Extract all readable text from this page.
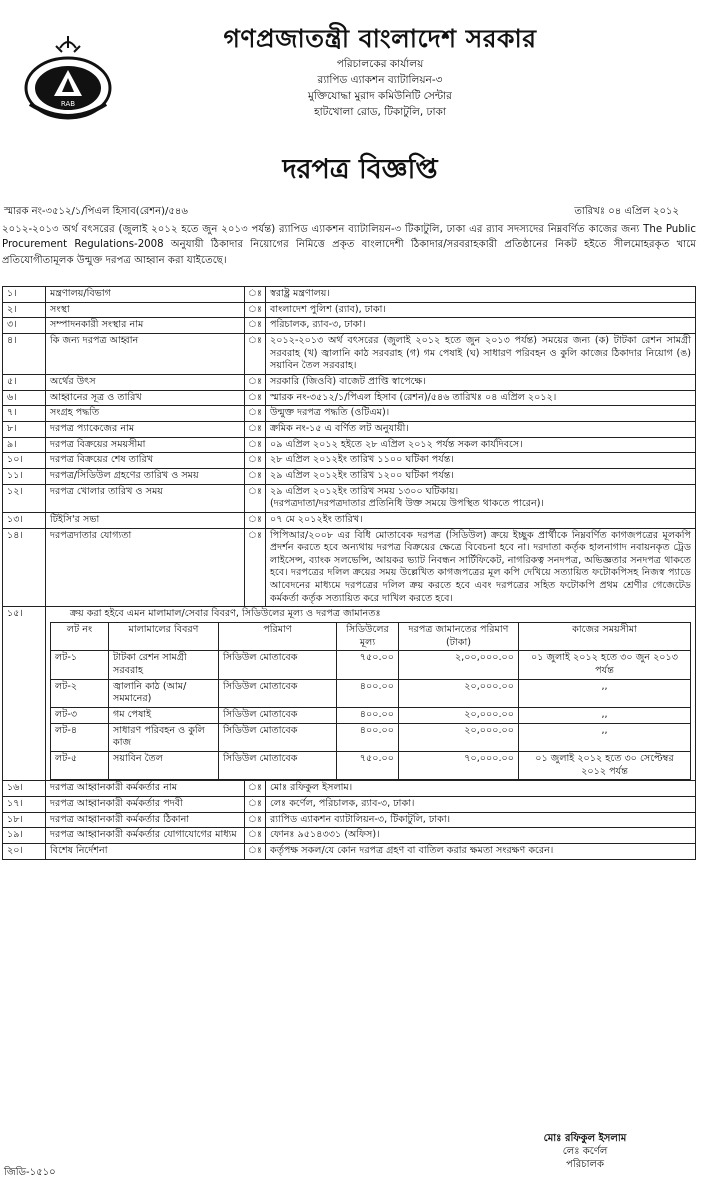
RAB
গণপ্রজাতন্ত্রী বাংলাদেশ সরকার
পরিচালকের কার্যালয়
র‌্যাপিড এ্যাকশন ব্যাটালিয়ন-৩
মুক্তিযোদ্ধা মুরাদ কমিউনিটি সেন্টার
হাটখোলা রোড, টিকাটুলি, ঢাকা
দরপত্র বিজ্ঞপ্তি
স্মারক নং-৩৫১২/১/পিএল হিসাব(রেশন)/৫৪৬	তারিখঃ ০৪ এপ্রিল ২০১২
২০১২-২০১৩ অর্থ বৎসরের (জুলাই ২০১২ হতে জুন ২০১৩ পর্যন্ত) র‌্যাপিড এ্যাকশন ব্যাটালিয়ন-৩ টিকাটুলি, ঢাকা এর র‌্যাব সদস্যদের নিম্নবর্ণিত কাজের জন্য The Public Procurement Regulations-2008 অনুযায়ী ঠিকাদার নিয়োগের নিমিত্তে প্রকৃত বাংলাদেশী ঠিকাদার/সরবরাহকারী প্রতিষ্ঠানের নিকট হইতে সীলমোহরকৃত খামে প্রতিযোগীতামূলক উন্মুক্ত দরপত্র আহ্বান করা যাইতেছে।
১।	মন্ত্রণালয়/বিভাগ	ঃ	স্বরাষ্ট্র মন্ত্রণালয়।

২।	সংস্থা	ঃ	বাংলাদেশ পুলিশ (র‌্যাব), ঢাকা।

৩।	সম্পাদনকারী সংস্থার নাম	ঃ	পরিচালক, র‌্যাব-৩, ঢাকা।

৪।	কি জন্য দরপত্র আহ্বান	ঃ	২০১২-২০১৩ অর্থ বৎসরের (জুলাই ২০১২ হতে জুন ২০১৩ পর্যন্ত) সময়ের জন্য (ক) টাটকা রেশন সামগ্রী সরবরাহ (খ) জ্বালানি কাঠ সরবরাহ (গ) গম পেষাই (ঘ) সাধারণ পরিবহন ও কুলি কাজের ঠিকাদার নিয়োগ (ঙ) সয়াবিন তৈল সরবরাহ।

৫।	অর্থের উৎস	ঃ	সরকারি (জিওবি) বাজেট প্রাপ্তি স্বাপেক্ষে।

৬।	আহ্বানের সূত্র ও তারিখ	ঃ	স্মারক নং-৩৫১২/১/পিএল হিসাব (রেশন)/৫৪৬ তারিখঃ ০৪ এপ্রিল ২০১২।

৭।	সংগ্রহ পদ্ধতি	ঃ	উন্মুক্ত দরপত্র পদ্ধতি (ওটিএম)।

৮।	দরপত্র প্যাকেজের নাম	ঃ	ক্রমিক নং-১৫ এ বর্ণিত লট অনুযায়ী।

৯।	দরপত্র বিক্রয়ের সময়সীমা	ঃ	০৯ এপ্রিল ২০১২ হইতে ২৮ এপ্রিল ২০১২ পর্যন্ত সকল কার্যদিবসে।

১০।	দরপত্র বিক্রয়ের শেষ তারিখ	ঃ	২৮ এপ্রিল ২০১২ইং তারিখ ১১০০ ঘটিকা পর্যন্ত।

১১।	দরপত্র/সিডিউল গ্রহণের তারিখ ও সময়	ঃ	২৯ এপ্রিল ২০১২ইং তারিখ ১২০০ ঘটিকা পর্যন্ত।

১২।	দরপত্র খোলার তারিখ ও সময়	ঃ	২৯ এপ্রিল ২০১২ইং তারিখ সময় ১৩০০ ঘটিকায়।
(দরপত্রদাতা/দরপত্রদাতার প্রতিনিধি উক্ত সময়ে উপস্থিত থাকতে পারেন)।

১৩।	টিইসি'র সভা	ঃ	০৭ মে ২০১২ইং তারিখ।

১৪।	দরপত্রদাতার যোগ্যতা	ঃ	পিপিআর/২০০৮ এর বিধি মোতাবেক দরপত্র (সিডিউল) ক্রয়ে ইচ্ছুক প্রার্থীকে নিম্নবর্ণিত কাগজপত্রের মূলকপি প্রদর্শন করতে হবে অন্যথায় দরপত্র বিক্রয়ের ক্ষেত্রে বিবেচনা হবে না। দরদাতা কর্তৃক হালনাগাদ নবায়নকৃত ট্রেড লাইসেন্স, ব্যাংক সলভেন্সি, আয়কর ভ্যাট নিবন্ধন সার্টিফিকেট, নাগরিকত্ব সনদপত্র, অভিজ্ঞতার সনদপত্র থাকতে হবে। দরপত্রের দলিল ক্রয়ের সময় উল্লেখিত কাগজপত্রের মূল কপি দেখিয়ে সত্যায়িত ফটোকপিসহ নিজস্ব প্যাডে আবেদনের মাধ্যমে দরপত্রের দলিল ক্রয় করতে হবে এবং দরপত্রের সহিত ফটোকপি প্রথম শ্রেণীর গেজেটেড কর্মকর্তা কর্তৃক সত্যায়িত করে দাখিল করতে হবে।

১৫।	ক্রয় করা হইবে এমন মালামাল/সেবার বিবরণ, সিডিউলের মূল্য ও দরপত্র জামানতঃ
লট নং	মালামালের বিবরণ	পরিমাণ	সিডিউলের মূল্য	দরপত্র জামানতের পরিমাণ (টাকা)	কাজের সময়সীমা
লট-১	টাটকা রেশন সামগ্রী সরবরাহ	সিডিউল মোতাবেক	৭৫০.০০	২,০০,০০০.০০	০১ জুলাই ২০১২ হতে ৩০ জুন ২০১৩ পর্যন্ত
লট-২	জ্বালানি কাঠ (আম/সমমানের)	সিডিউল মোতাবেক	৪০০.০০	২০,০০০.০০	,,
লট-৩	গম পেষাই	সিডিউল মোতাবেক	৪০০.০০	২০,০০০.০০	,,
লট-৪	সাধারণ পরিবহন ও কুলি কাজ	সিডিউল মোতাবেক	৪০০.০০	২০,০০০.০০	,,
লট-৫	সয়াবিন তৈল	সিডিউল মোতাবেক	৭৫০.০০	৭০,০০০.০০	০১ জুলাই ২০১২ হতে ৩০ সেপ্টেম্বর ২০১২ পর্যন্ত

১৬।	দরপত্র আহ্বানকারী কর্মকর্তার নাম	ঃ	মোঃ রফিকুল ইসলাম।

১৭।	দরপত্র আহ্বানকারী কর্মকর্তার পদবী	ঃ	লেঃ কর্ণেল, পরিচালক, র‌্যাব-৩, ঢাকা।

১৮।	দরপত্র আহ্বানকারী কর্মকর্তার ঠিকানা	ঃ	র‌্যাপিড এ্যাকশন ব্যাটালিয়ন-৩, টিকাটুলি, ঢাকা।

১৯।	দরপত্র আহ্বানকারী কর্মকর্তার যোগাযোগের মাধ্যম	ঃ	ফোনঃ ৯৫১৪৩৩১ (অফিস)।

২০।	বিশেষ নির্দেশনা	ঃ	কর্তৃপক্ষ সকল/যে কোন দরপত্র গ্রহণ বা বাতিল করার ক্ষমতা সংরক্ষণ করেন।
মোঃ রফিকুল ইসলাম
লেঃ কর্ণেল
পরিচালক
জিডি-১৫১০
